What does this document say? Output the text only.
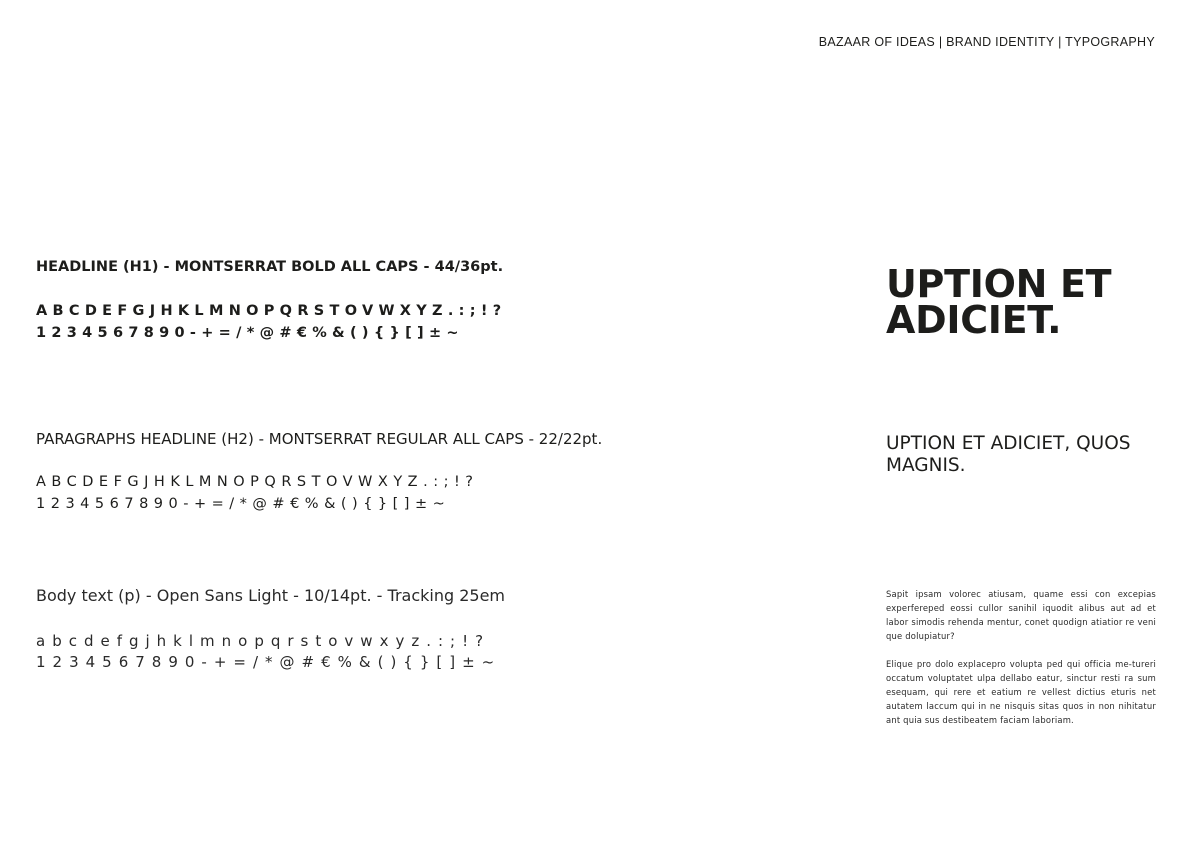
BAZAAR OF IDEAS | BRAND IDENTITY | TYPOGRAPHY
HEADLINE (H1) - MONTSERRAT BOLD ALL CAPS - 44/36pt.
ABCDEFGJHKLMNOPQRSTOVWXYZ.:;!?
1234567890-+=/*@#€%&(){}[]±~
PARAGRAPHS HEADLINE (H2) - MONTSERRAT REGULAR ALL CAPS - 22/22pt.
ABCDEFGJHKLMNOPQRSTOVWXYZ.:;!?
1234567890-+=/*@#€%&(){}[]±~
Body text (p) - Open Sans Light - 10/14pt. - Tracking 25em
abcdefgjhklmnopqrstovwxyz.:;!?
1234567890-+=/*@#€%&(){}[]±~
UPTION ET ADICIET.
UPTION ET ADICIET, QUOS MAGNIS.

Sapit ipsam volorec atiusam, quame essi con excepias experfereped eossi cullor sanihil iquodit alibus aut ad et labor simodis rehenda mentur, conet quodign atiatior re veni que dolupiatur?

Elique pro dolo explacepro volupta ped qui officia me-tureri occatum voluptatet ulpa dellabo eatur, sinctur resti ra sum esequam, qui rere et eatium re vellest dictius eturis net autatem laccum qui in ne nisquis sitas quos in non nihitatur ant quia sus destibeatem faciam laboriam.
